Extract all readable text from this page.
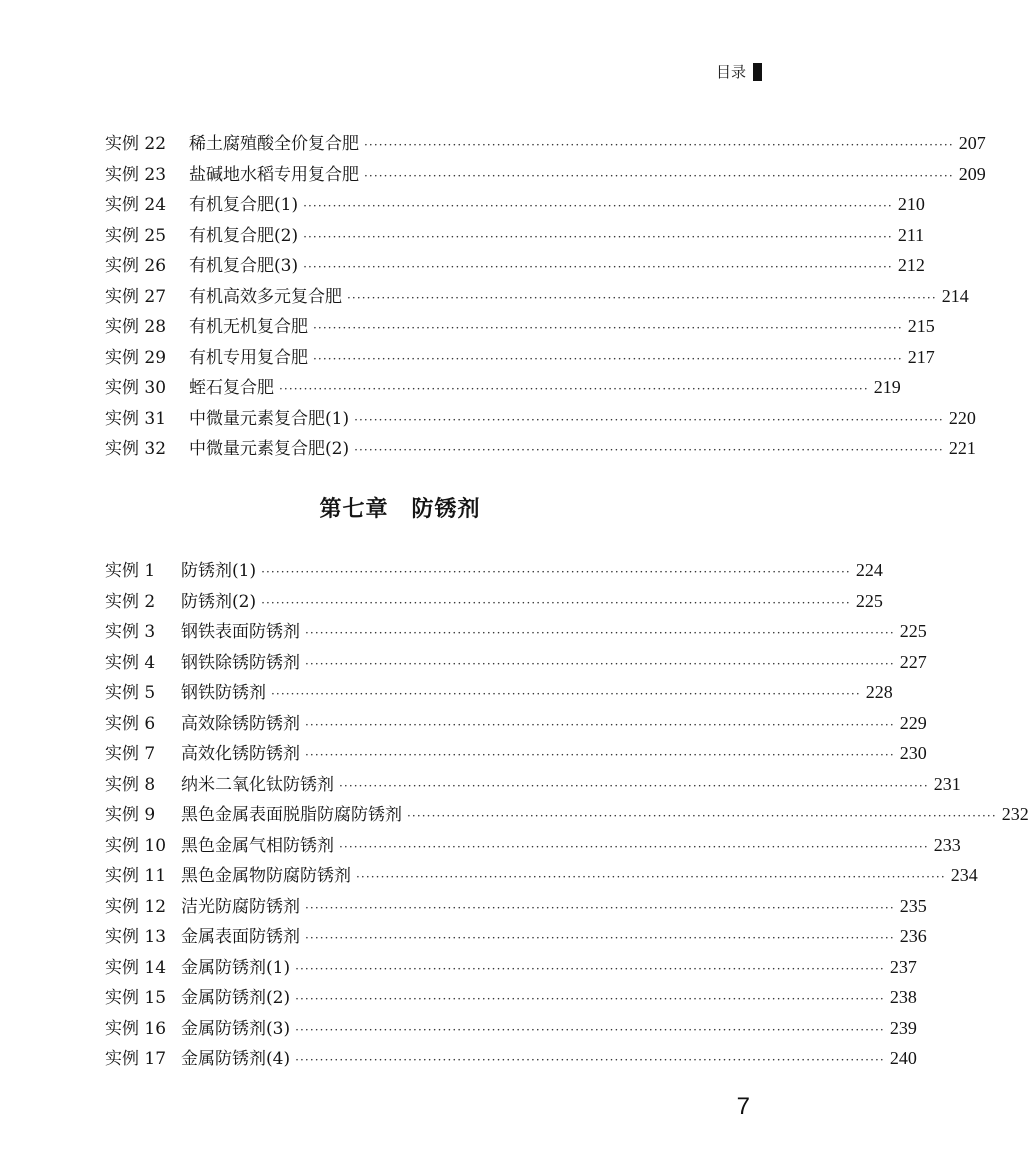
目录
实例 22	稀土腐殖酸全价复合肥 ························································································································ 207
实例 23	盐碱地水稻专用复合肥 ························································································································ 209
实例 24	有机复合肥(1) ························································································································ 210
实例 25	有机复合肥(2) ························································································································ 211
实例 26	有机复合肥(3) ························································································································ 212
实例 27	有机高效多元复合肥 ························································································································ 214
实例 28	有机无机复合肥 ························································································································ 215
实例 29	有机专用复合肥 ························································································································ 217
实例 30	蛭石复合肥 ························································································································ 219
实例 31	中微量元素复合肥(1) ························································································································ 220
实例 32	中微量元素复合肥(2) ························································································································ 221
第七章　防锈剂
实例 1	防锈剂(1) ························································································································ 224
实例 2	防锈剂(2) ························································································································ 225
实例 3	钢铁表面防锈剂 ························································································································ 225
实例 4	钢铁除锈防锈剂 ························································································································ 227
实例 5	钢铁防锈剂 ························································································································ 228
实例 6	高效除锈防锈剂 ························································································································ 229
实例 7	高效化锈防锈剂 ························································································································ 230
实例 8	纳米二氧化钛防锈剂 ························································································································ 231
实例 9	黑色金属表面脱脂防腐防锈剂 ························································································································ 232
实例 10 黑色金属气相防锈剂 ························································································································ 233
实例 11 黑色金属物防腐防锈剂 ························································································································ 234
实例 12 洁光防腐防锈剂 ························································································································ 235
实例 13 金属表面防锈剂 ························································································································ 236
实例 14 金属防锈剂(1) ························································································································ 237
实例 15 金属防锈剂(2) ························································································································ 238
实例 16 金属防锈剂(3) ························································································································ 239
实例 17 金属防锈剂(4) ························································································································ 240
7
